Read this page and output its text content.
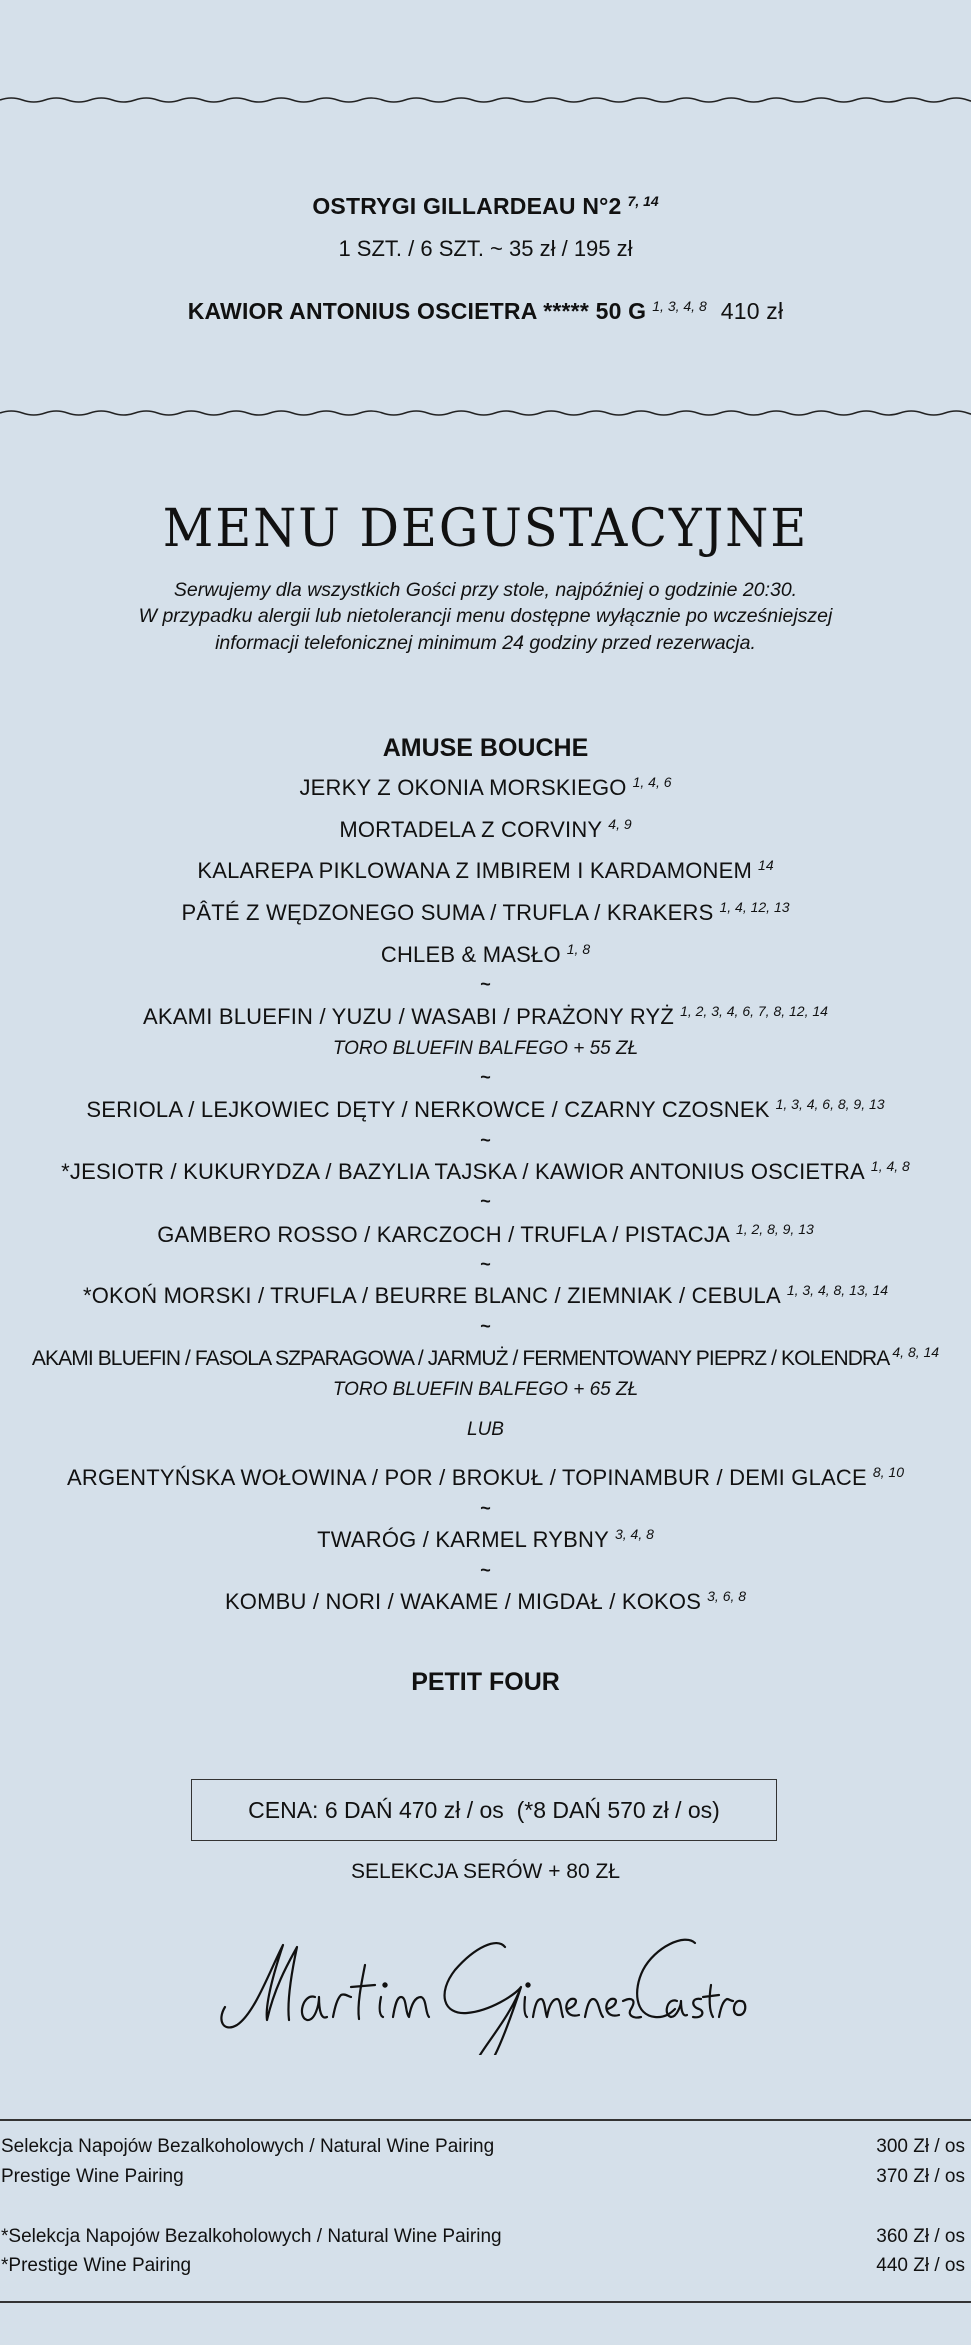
OSTRYGI GILLARDEAU N°2 $^{7, 14}$
1 SZT. / 6 SZT. ~ 35 zł / 195 zł
KAWIOR ANTONIUS OSCIETRA ***** 50 G $^{1, 3, 4, 8}$ 410 zł
MENU DEGUSTACYJNE
Serwujemy dla wszystkich Gości przy stole, najpóźniej o godzinie 20:30.
W przypadku alergii lub nietolerancji menu dostępne wyłącznie po wcześniejszej
informacji telefonicznej minimum 24 godziny przed rezerwacja.
AMUSE BOUCHE
JERKY Z OKONIA MORSKIEGO $^{1, 4, 6}$
MORTADELA Z CORVINY $^{4, 9}$
KALAREPA PIKLOWANA Z IMBIREM I KARDAMONEM $^{14}$
PÂTÉ Z WĘDZONEGO SUMA / TRUFLA / KRAKERS $^{1, 4, 12, 13}$
CHLEB & MASŁO $^{1, 8}$
~
AKAMI BLUEFIN / YUZU / WASABI / PRAŻONY RYŻ $^{1, 2, 3, 4, 6, 7, 8, 12, 14}$
TORO BLUEFIN BALFEGO + 55 ZŁ
~
SERIOLA / LEJKOWIEC DĘTY / NERKOWCE / CZARNY CZOSNEK $^{1, 3, 4, 6, 8, 9, 13}$
~
*JESIOTR / KUKURYDZA / BAZYLIA TAJSKA / KAWIOR ANTONIUS OSCIETRA $^{1, 4, 8}$
~
GAMBERO ROSSO / KARCZOCH / TRUFLA / PISTACJA $^{1, 2, 8, 9, 13}$
~
*OKOŃ MORSKI / TRUFLA / BEURRE BLANC / ZIEMNIAK / CEBULA $^{1, 3, 4, 8, 13, 14}$
~
AKAMI BLUEFIN / FASOLA SZPARAGOWA / JARMUŻ / FERMENTOWANY PIEPRZ / KOLENDRA $^{4, 8, 14}$
TORO BLUEFIN BALFEGO + 65 ZŁ
LUB
ARGENTYŃSKA WOŁOWINA / POR / BROKUŁ / TOPINAMBUR / DEMI GLACE $^{8, 10}$
~
TWARÓG / KARMEL RYBNY $^{3, 4, 8}$
~
KOMBU / NORI / WAKAME / MIGDAŁ / KOKOS $^{3, 6, 8}$
PETIT FOUR
CENA: 6 DAŃ 470 zł / os  (*8 DAŃ 570 zł / os)
SELEKCJA SERÓW + 80 ZŁ
Selekcja Napojów Bezalkoholowych / Natural Wine Pairing	300 Zł / os
Prestige Wine Pairing	370 Zł / os
*Selekcja Napojów Bezalkoholowych / Natural Wine Pairing	360 Zł / os
*Prestige Wine Pairing	440 Zł / os
